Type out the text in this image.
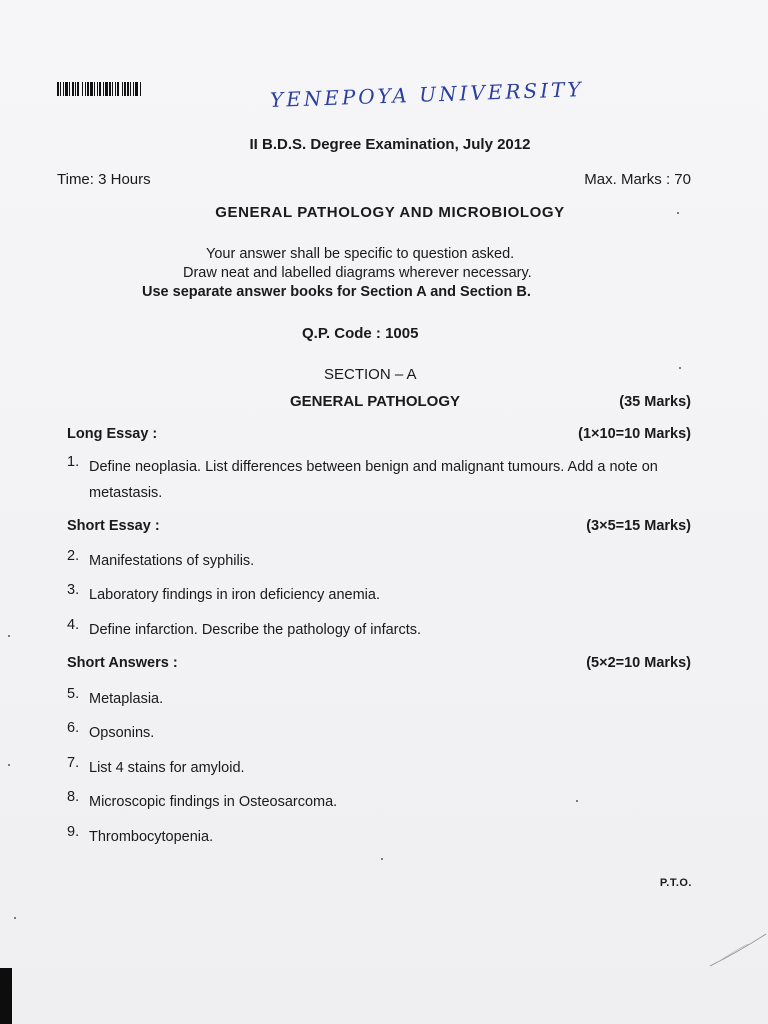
YENEPOYA UNIVERSITY
II B.D.S. Degree Examination, July 2012
Time: 3 Hours	Max. Marks : 70
GENERAL PATHOLOGY AND MICROBIOLOGY
Your answer shall be specific to question asked.
Draw neat and labelled diagrams wherever necessary.
Use separate answer books for Section A and Section B.
Q.P. Code : 1005
SECTION – A
GENERAL PATHOLOGY	(35 Marks)
Long Essay :	(1×10=10 Marks)
1. Define neoplasia. List differences between benign and malignant tumours. Add a note on metastasis.
Short Essay :	(3×5=15 Marks)
2. Manifestations of syphilis.
3. Laboratory findings in iron deficiency anemia.
4. Define infarction. Describe the pathology of infarcts.
Short Answers :	(5×2=10 Marks)
5. Metaplasia.
6. Opsonins.
7. List 4 stains for amyloid.
8. Microscopic findings in Osteosarcoma.
9. Thrombocytopenia.
P.T.O.
